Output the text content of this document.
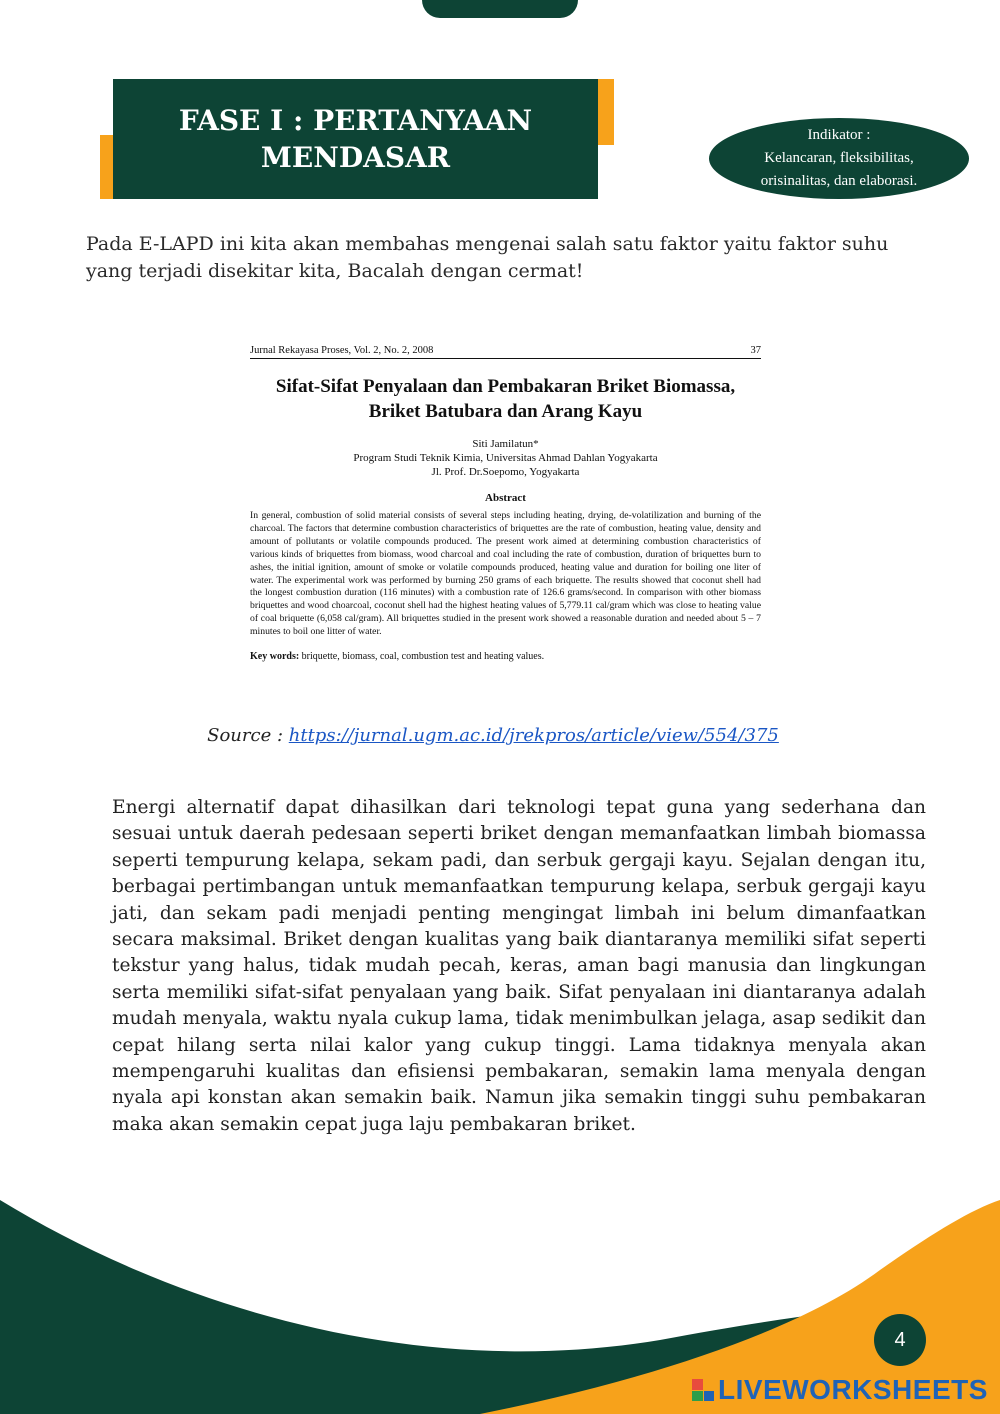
FASE I : PERTANYAAN MENDASAR
Indikator :
Kelancaran, fleksibilitas,
orisinalitas, dan elaborasi.

Pada E-LAPD ini kita akan membahas mengenai salah satu faktor yaitu faktor suhu yang terjadi disekitar kita, Bacalah dengan cermat!

Jurnal Rekayasa Proses, Vol. 2, No. 2, 2008	37
Sifat-Sifat Penyalaan dan Pembakaran Briket Biomassa, Briket Batubara dan Arang Kayu
Siti Jamilatun*
Program Studi Teknik Kimia, Universitas Ahmad Dahlan Yogyakarta
Jl. Prof. Dr.Soepomo, Yogyakarta
Abstract
In general, combustion of solid material consists of several steps including heating, drying, de-volatilization and burning of the charcoal. The factors that determine combustion characteristics of briquettes are the rate of combustion, heating value, density and amount of pollutants or volatile compounds produced. The present work aimed at determining combustion characteristics of various kinds of briquettes from biomass, wood charcoal and coal including the rate of combustion, duration of briquettes burn to ashes, the initial ignition, amount of smoke or volatile compounds produced, heating value and duration for boiling one liter of water. The experimental work was performed by burning 250 grams of each briquette. The results showed that coconut shell had the longest combustion duration (116 minutes) with a combustion rate of 126.6 grams/second. In comparison with other biomass briquettes and wood choarcoal, coconut shell had the highest heating values of 5,779.11 cal/gram which was close to heating value of coal briquette (6,058 cal/gram). All briquettes studied in the present work showed a reasonable duration and needed about 5 – 7 minutes to boil one litter of water.
Key words: briquette, biomass, coal, combustion test and heating values.
Source : https://jurnal.ugm.ac.id/jrekpros/article/view/554/375

Energi alternatif dapat dihasilkan dari teknologi tepat guna yang sederhana dan sesuai untuk daerah pedesaan seperti briket dengan memanfaatkan limbah biomassa seperti tempurung kelapa, sekam padi, dan serbuk gergaji kayu. Sejalan dengan itu, berbagai pertimbangan untuk memanfaatkan tempurung kelapa, serbuk gergaji kayu jati, dan sekam padi menjadi penting mengingat limbah ini belum dimanfaatkan secara maksimal. Briket dengan kualitas yang baik diantaranya memiliki sifat seperti tekstur yang halus, tidak mudah pecah, keras, aman bagi manusia dan lingkungan serta memiliki sifat-sifat penyalaan yang baik. Sifat penyalaan ini diantaranya adalah mudah menyala, waktu nyala cukup lama, tidak menimbulkan jelaga, asap sedikit dan cepat hilang serta nilai kalor yang cukup tinggi. Lama tidaknya menyala akan mempengaruhi kualitas dan efisiensi pembakaran, semakin lama menyala dengan nyala api konstan akan semakin baik. Namun jika semakin tinggi suhu pembakaran maka akan semakin cepat juga laju pembakaran briket.

4
LIVEWORKSHEETS
